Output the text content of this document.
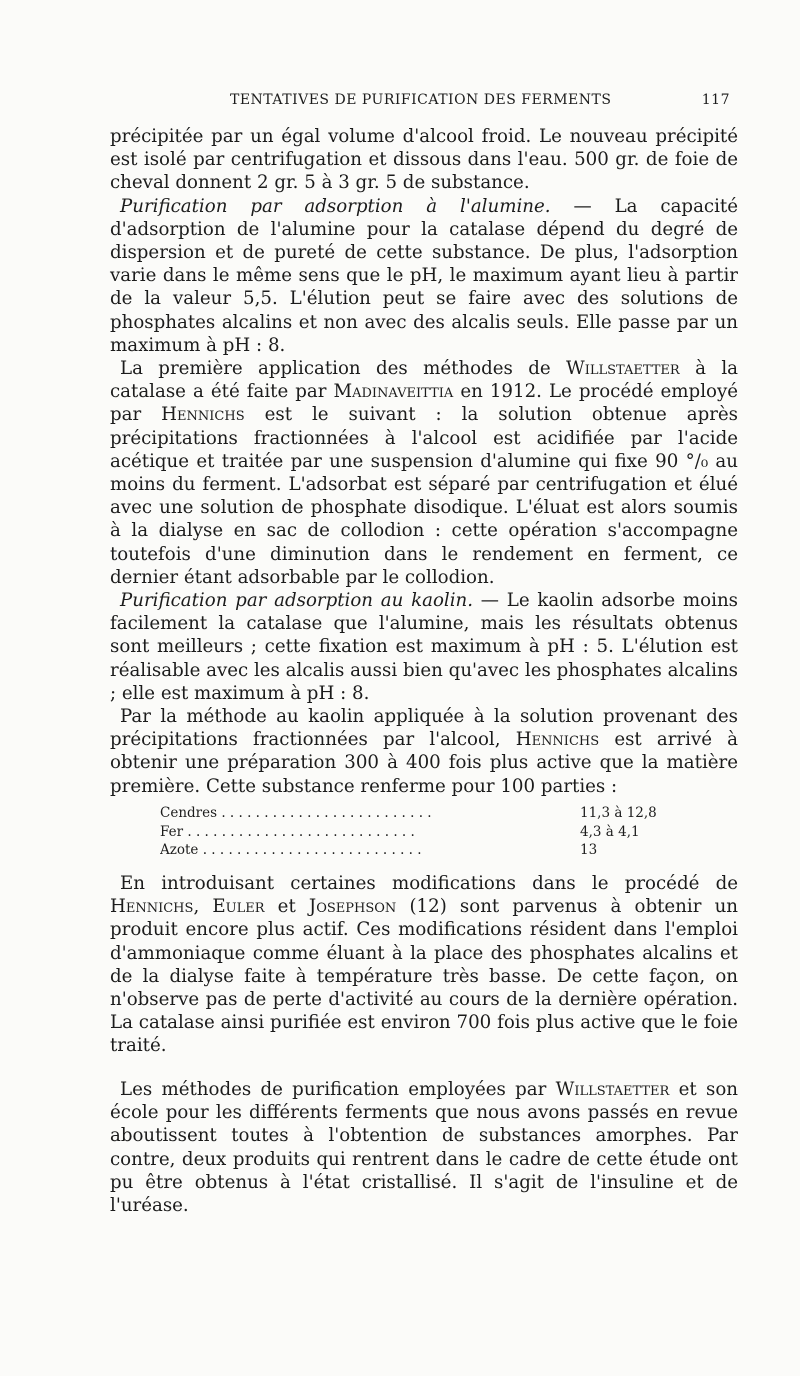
TENTATIVES DE PURIFICATION DES FERMENTS	117

précipitée par un égal volume d'alcool froid. Le nouveau précipité est isolé par centrifugation et dissous dans l'eau. 500 gr. de foie de cheval donnent 2 gr. 5 à 3 gr. 5 de substance.

Purification par adsorption à l'alumine. — La capacité d'adsorption de l'alumine pour la catalase dépend du degré de dispersion et de pureté de cette substance. De plus, l'adsorption varie dans le même sens que le pH, le maximum ayant lieu à partir de la valeur 5,5. L'élution peut se faire avec des solutions de phosphates alcalins et non avec des alcalis seuls. Elle passe par un maximum à pH : 8.

La première application des méthodes de Willstaetter à la catalase a été faite par Madinaveittia en 1912. Le procédé employé par Hennichs est le suivant : la solution obtenue après précipitations fractionnées à l'alcool est acidifiée par l'acide acétique et traitée par une suspension d'alumine qui fixe 90 °/₀ au moins du ferment. L'adsorbat est séparé par centrifugation et élué avec une solution de phosphate disodique. L'éluat est alors soumis à la dialyse en sac de collodion : cette opération s'accompagne toutefois d'une diminution dans le rendement en ferment, ce dernier étant adsorbable par le collodion.

Purification par adsorption au kaolin. — Le kaolin adsorbe moins facilement la catalase que l'alumine, mais les résultats obtenus sont meilleurs ; cette fixation est maximum à pH : 5. L'élution est réalisable avec les alcalis aussi bien qu'avec les phosphates alcalins ; elle est maximum à pH : 8.

Par la méthode au kaolin appliquée à la solution provenant des précipitations fractionnées par l'alcool, Hennichs est arrivé à obtenir une préparation 300 à 400 fois plus active que la matière première. Cette substance renferme pour 100 parties :

Cendres . . . . . . . . . . . . . . . . . . . . . . . . .	11,3 à 12,8
Fer . . . . . . . . . . . . . . . . . . . . . . . . . . .	4,3 à 4,1
Azote . . . . . . . . . . . . . . . . . . . . . . . . . .	13

En introduisant certaines modifications dans le procédé de Hennichs, Euler et Josephson (12) sont parvenus à obtenir un produit encore plus actif. Ces modifications résident dans l'emploi d'ammoniaque comme éluant à la place des phosphates alcalins et de la dialyse faite à température très basse. De cette façon, on n'observe pas de perte d'activité au cours de la dernière opération. La catalase ainsi purifiée est environ 700 fois plus active que le foie traité.

Les méthodes de purification employées par Willstaetter et son école pour les différents ferments que nous avons passés en revue aboutissent toutes à l'obtention de substances amorphes. Par contre, deux produits qui rentrent dans le cadre de cette étude ont pu être obtenus à l'état cristallisé. Il s'agit de l'insuline et de l'uréase.
